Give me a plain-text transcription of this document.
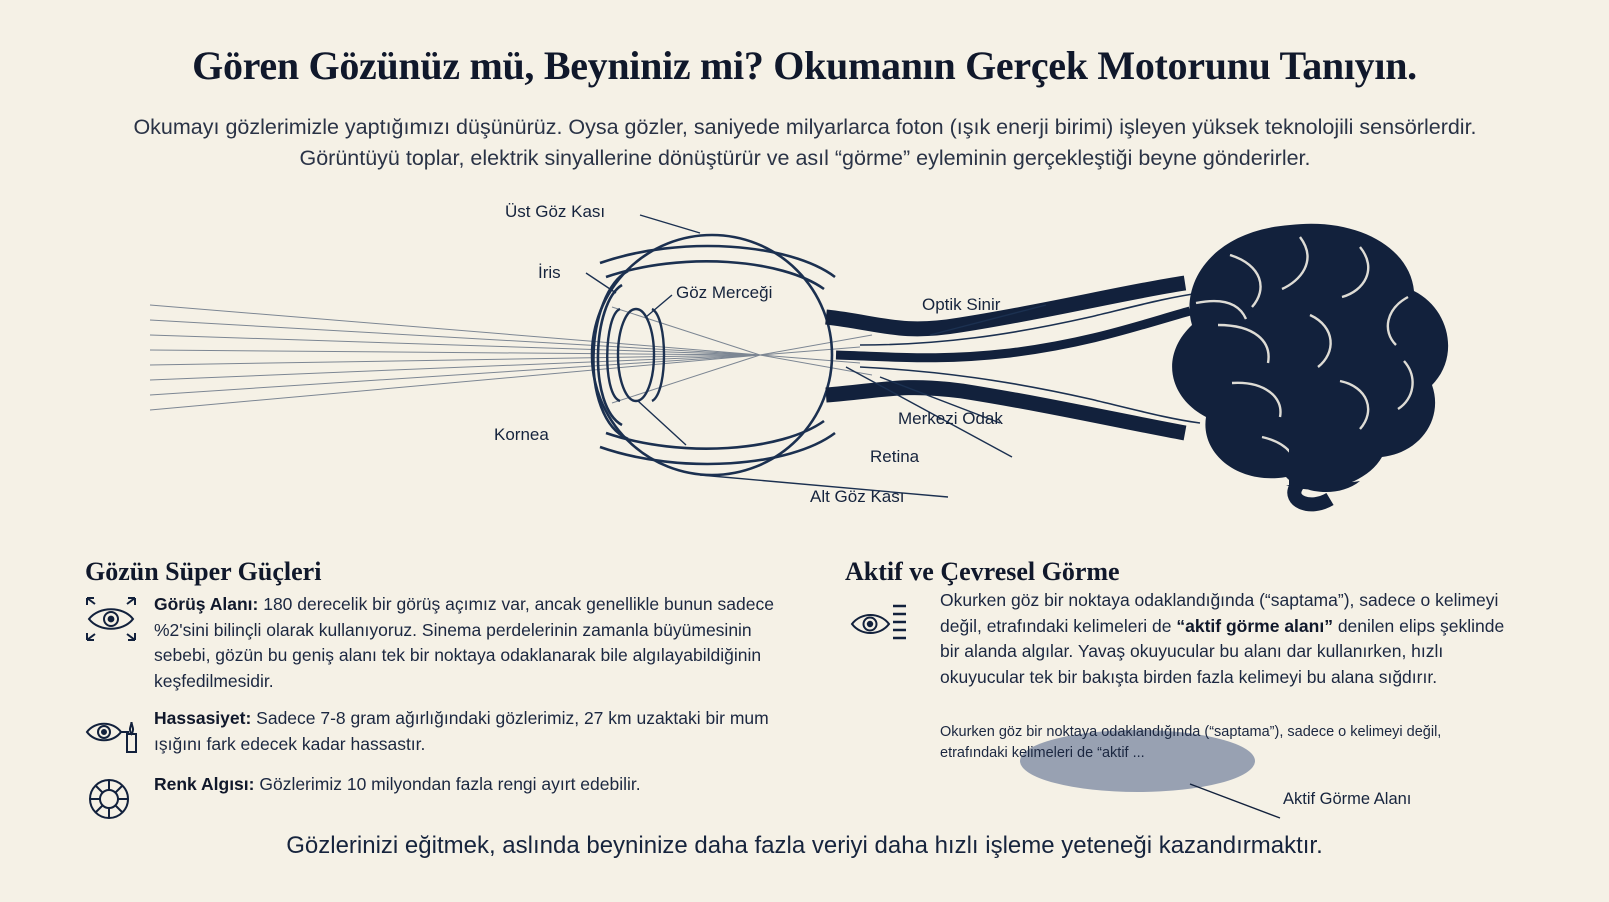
Gören Gözünüz mü, Beyniniz mi? Okumanın Gerçek Motorunu Tanıyın.
Okumayı gözlerimizle yaptığımızı düşünürüz. Oysa gözler, saniyede milyarlarca foton (ışık enerji birimi) işleyen yüksek teknolojili sensörlerdir. Görüntüyü toplar, elektrik sinyallerine dönüştürür ve asıl “görme” eyleminin gerçekleştiği beyne gönderirler.
Üst Göz Kası
İris
Göz Merceği
Optik Sinir
Merkezi Odak
Retina
Kornea
Alt Göz Kası
Gözün Süper Güçleri
Görüş Alanı: 180 derecelik bir görüş açımız var, ancak genellikle bunun sadece %2'sini bilinçli olarak kullanıyoruz. Sinema perdelerinin zamanla büyümesinin sebebi, gözün bu geniş alanı tek bir noktaya odaklanarak bile algılayabildiğinin keşfedilmesidir.
Hassasiyet: Sadece 7-8 gram ağırlığındaki gözlerimiz, 27 km uzaktaki bir mum ışığını fark edecek kadar hassastır.
Renk Algısı: Gözlerimiz 10 milyondan fazla rengi ayırt edebilir.
Aktif ve Çevresel Görme
Okurken göz bir noktaya odaklandığında (“saptama”), sadece o kelimeyi değil, etrafındaki kelimeleri de “aktif görme alanı” denilen elips şeklinde bir alanda algılar. Yavaş okuyucular bu alanı dar kullanırken, hızlı okuyucular tek bir bakışta birden fazla kelimeyi bu alana sığdırır.
Okurken göz bir noktaya odaklandığında (“saptama”), sadece o kelimeyi değil, etrafındaki kelimeleri de “aktif ...
Aktif Görme Alanı
Gözlerinizi eğitmek, aslında beyninize daha fazla veriyi daha hızlı işleme yeteneği kazandırmaktır.
